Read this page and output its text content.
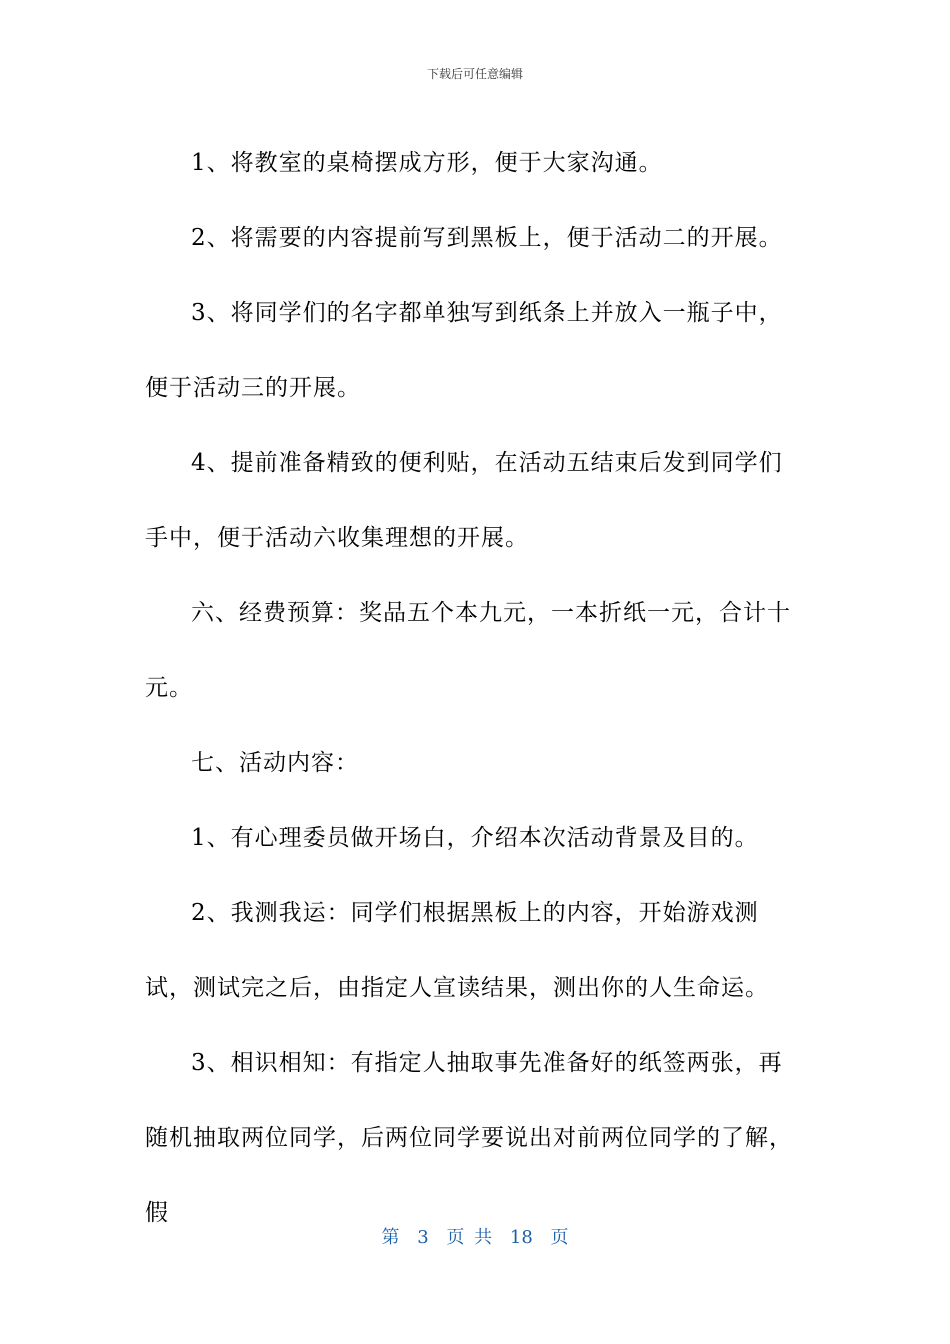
下载后可任意编辑

1、将教室的桌椅摆成方形，便于大家沟通。

2、将需要的内容提前写到黑板上，便于活动二的开展。

3、将同学们的名字都单独写到纸条上并放入一瓶子中，便于活动三的开展。

4、提前准备精致的便利贴，在活动五结束后发到同学们手中，便于活动六收集理想的开展。

六、经费预算：奖品五个本九元，一本折纸一元，合计十元。

七、活动内容：

1、有心理委员做开场白，介绍本次活动背景及目的。

2、我测我运：同学们根据黑板上的内容，开始游戏测试，测试完之后，由指定人宣读结果，测出你的人生命运。

3、相识相知：有指定人抽取事先准备好的纸签两张，再随机抽取两位同学，后两位同学要说出对前两位同学的了解，假

第 3 页 共 18 页
